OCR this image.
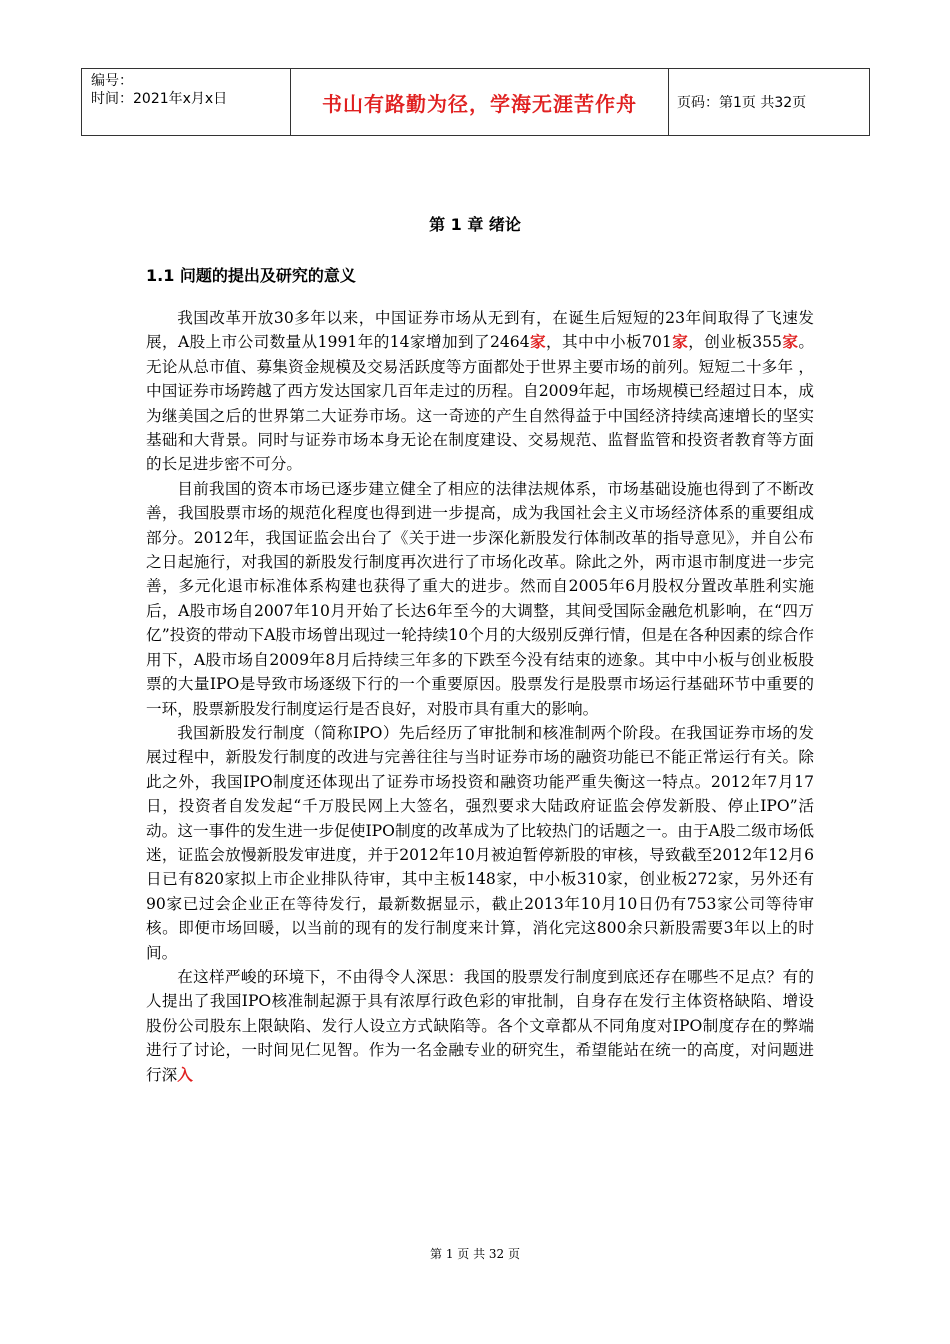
编号：
时间：2021年x月x日	书山有路勤为径，学海无涯苦作舟	页码：第1页 共32页
第 1 章 绪论
1.1 问题的提出及研究的意义

我国改革开放30多年以来，中国证券市场从无到有，在诞生后短短的23年间取得了飞速发展，A股上市公司数量从1991年的14家增加到了2464家，其中中小板701家，创业板355家。无论从总市值、募集资金规模及交易活跃度等方面都处于世界主要市场的前列。短短二十多年 ，中国证券市场跨越了西方发达国家几百年走过的历程。自2009年起，市场规模已经超过日本，成为继美国之后的世界第二大证券市场。这一奇迹的产生自然得益于中国经济持续高速增长的坚实基础和大背景。同时与证券市场本身无论在制度建设、交易规范、监督监管和投资者教育等方面的长足进步密不可分。

目前我国的资本市场已逐步建立健全了相应的法律法规体系，市场基础设施也得到了不断改善，我国股票市场的规范化程度也得到进一步提高，成为我国社会主义市场经济体系的重要组成部分。2012年，我国证监会出台了《关于进一步深化新股发行体制改革的指导意见》，并自公布之日起施行，对我国的新股发行制度再次进行了市场化改革。除此之外，两市退市制度进一步完善，多元化退市标准体系构建也获得了重大的进步。然而自2005年6月股权分置改革胜利实施后，A股市场自2007年10月开始了长达6年至今的大调整，其间受国际金融危机影响，在“四万亿”投资的带动下A股市场曾出现过一轮持续10个月的大级别反弹行情，但是在各种因素的综合作用下，A股市场自2009年8月后持续三年多的下跌至今没有结束的迹象。其中中小板与创业板股票的大量IPO是导致市场逐级下行的一个重要原因。股票发行是股票市场运行基础环节中重要的一环，股票新股发行制度运行是否良好，对股市具有重大的影响。

我国新股发行制度（简称IPO）先后经历了审批制和核准制两个阶段。在我国证券市场的发展过程中，新股发行制度的改进与完善往往与当时证券市场的融资功能已不能正常运行有关。除此之外，我国IPO制度还体现出了证券市场投资和融资功能严重失衡这一特点。2012年7月17日，投资者自发发起“千万股民网上大签名，强烈要求大陆政府证监会停发新股、停止IPO”活动。这一事件的发生进一步促使IPO制度的改革成为了比较热门的话题之一。由于A股二级市场低迷，证监会放慢新股发审进度，并于2012年10月被迫暂停新股的审核，导致截至2012年12月6日已有820家拟上市企业排队待审，其中主板148家，中小板310家，创业板272家，另外还有90家已过会企业正在等待发行，最新数据显示，截止2013年10月10日仍有753家公司等待审核。即便市场回暖，以当前的现有的发行制度来计算，消化完这800余只新股需要3年以上的时间。

在这样严峻的环境下，不由得令人深思：我国的股票发行制度到底还存在哪些不足点？有的人提出了我国IPO核准制起源于具有浓厚行政色彩的审批制，自身存在发行主体资格缺陷、增设股份公司股东上限缺陷、发行人设立方式缺陷等。各个文章都从不同角度对IPO制度存在的弊端进行了讨论，一时间见仁见智。作为一名金融专业的研究生，希望能站在统一的高度，对问题进行深入

第 1 页 共 32 页
